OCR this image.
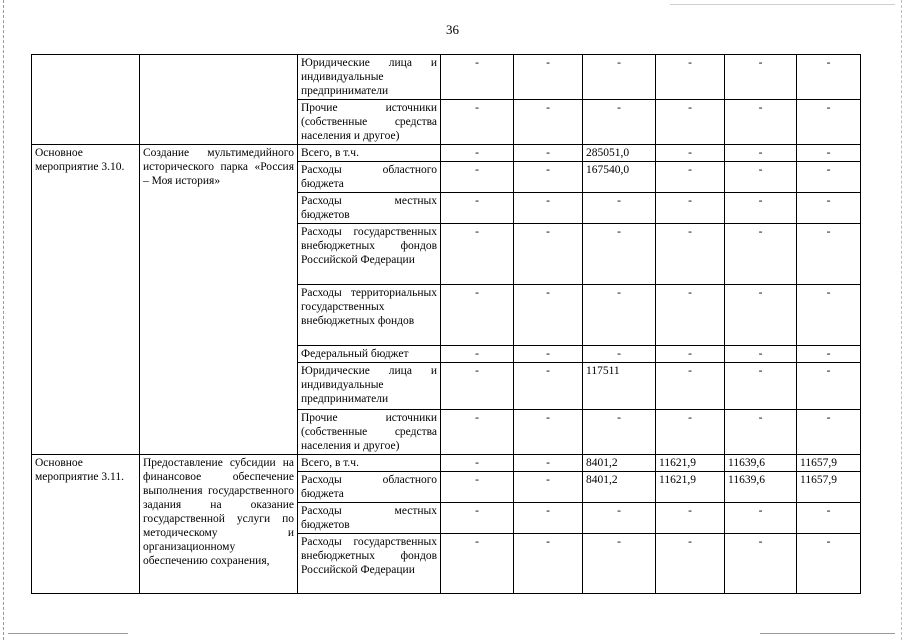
36
		Юридические лица и индивидуальные предприниматели	-	-	-	-	-	-
		Прочие источники (собственные средства населения и другое)	-	-	-	-	-	-
Основное мероприятие 3.10.	Создание мультимедийного исторического парка «Россия – Моя история»	Всего, в т.ч.	-	-	285051,0	-	-	-
		Расходы областного бюджета	-	-	167540,0	-	-	-
		Расходы местных бюджетов	-	-	-	-	-	-
		Расходы государственных внебюджетных фондов Российской Федерации	-	-	-	-	-	-
		Расходы территориальных государственных внебюджетных фондов	-	-	-	-	-	-
		Федеральный бюджет	-	-	-	-	-	-
		Юридические лица и индивидуальные предприниматели	-	-	117511	-	-	-
		Прочие источники (собственные средства населения и другое)	-	-	-	-	-	-
Основное мероприятие 3.11.	Предоставление субсидии на финансовое обеспечение выполнения государственного задания на оказание государственной услуги по методическому и организационному обеспечению сохранения,	Всего, в т.ч.	-	-	8401,2	11621,9	11639,6	11657,9
		Расходы областного бюджета	-	-	8401,2	11621,9	11639,6	11657,9
		Расходы местных бюджетов	-	-	-	-	-	-
		Расходы государственных внебюджетных фондов Российской Федерации	-	-	-	-	-	-
